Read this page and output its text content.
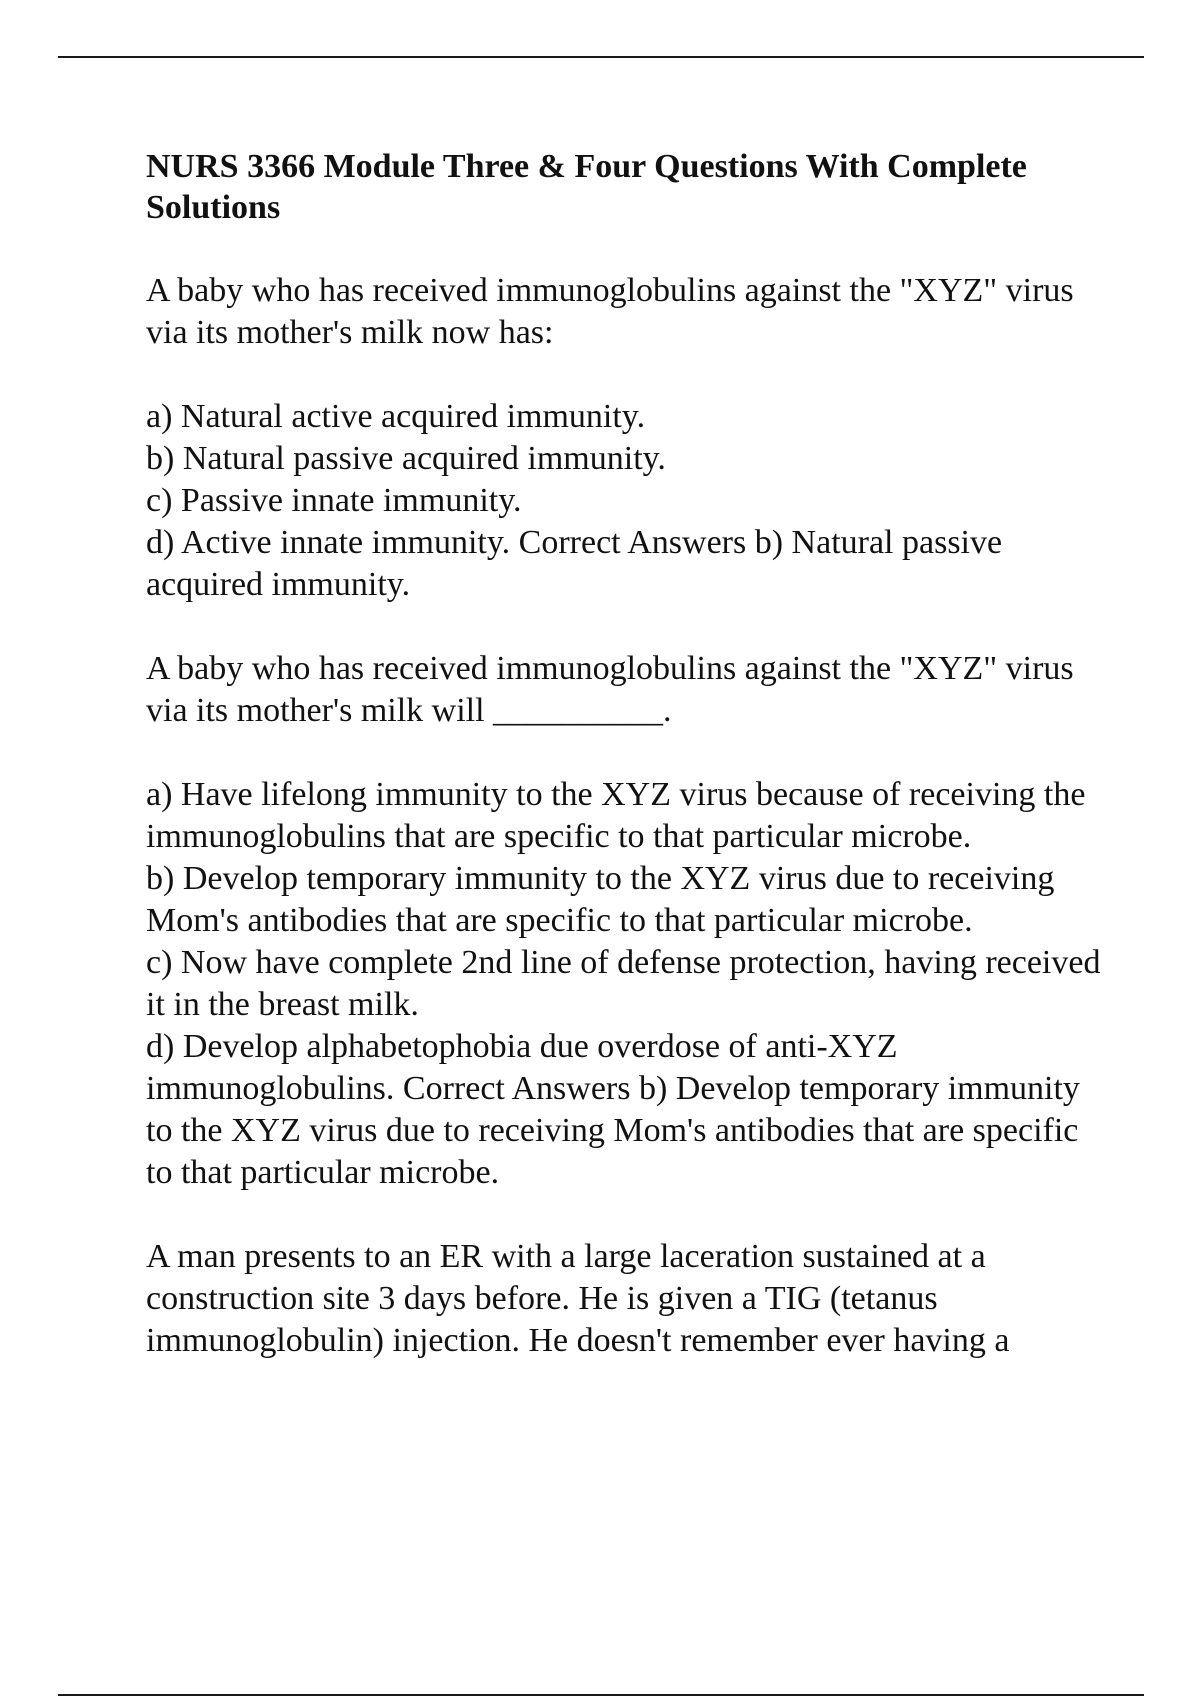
NURS 3366 Module Three & Four Questions With Complete Solutions

A baby who has received immunoglobulins against the "XYZ" virus via its mother's milk now has:

a) Natural active acquired immunity.

b) Natural passive acquired immunity.

c) Passive innate immunity.

d) Active innate immunity. Correct Answers b) Natural passive acquired immunity.

A baby who has received immunoglobulins against the "XYZ" virus via its mother's milk will __________.

a) Have lifelong immunity to the XYZ virus because of receiving the immunoglobulins that are specific to that particular microbe.

b) Develop temporary immunity to the XYZ virus due to receiving Mom's antibodies that are specific to that particular microbe.

c) Now have complete 2nd line of defense protection, having received it in the breast milk.

d) Develop alphabetophobia due overdose of anti-XYZ immunoglobulins. Correct Answers b) Develop temporary immunity to the XYZ virus due to receiving Mom's antibodies that are specific to that particular microbe.

A man presents to an ER with a large laceration sustained at a construction site 3 days before. He is given a TIG (tetanus immunoglobulin) injection. He doesn't remember ever having a
